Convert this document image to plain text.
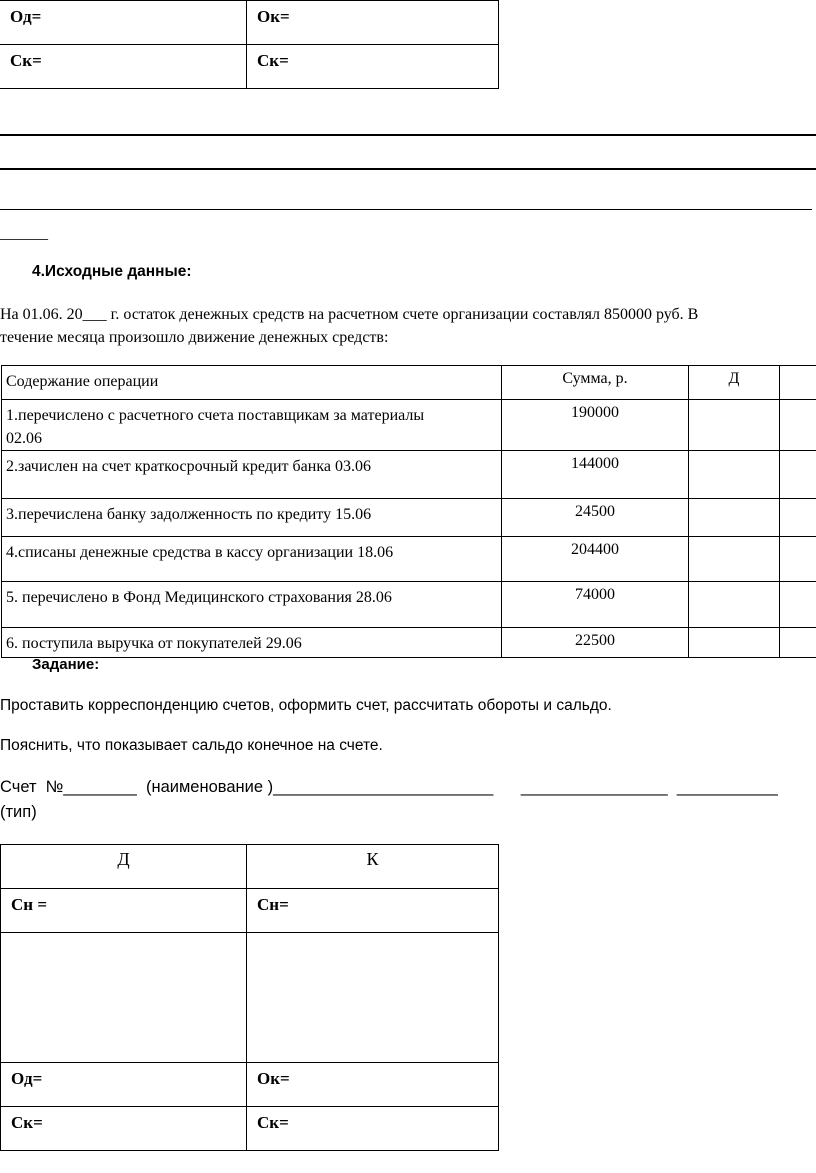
Од=	Ок=
Ск=	Ск=
______
4.Исходные данные:
На 01.06. 20___ г. остаток денежных средств на расчетном счете организации составлял 850000 руб. В
течение месяца произошло движение денежных средств:
Содержание операции	Сумма, р.	Д	
1.перечислено с расчетного счета поставщикам за материалы
02.06	190000		
2.зачислен на счет краткосрочный кредит банка 03.06	144000		
3.перечислена банку задолженность по кредиту 15.06	24500		
4.списаны денежные средства в кассу организации 18.06	204400		
5. перечислено в Фонд Медицинского страхования 28.06	74000		
6. поступила выручка от покупателей 29.06	22500		
Задание:
Проставить корреспонденцию счетов, оформить счет, рассчитать обороты и сальдо.
Пояснить, что показывает сальдо конечное на счете.
Счет  №________  (наименование )________________________      ________________  ___________
(тип)
Д	К
Сн =	Сн=

Од=	Ок=
Ск=	Ск=
